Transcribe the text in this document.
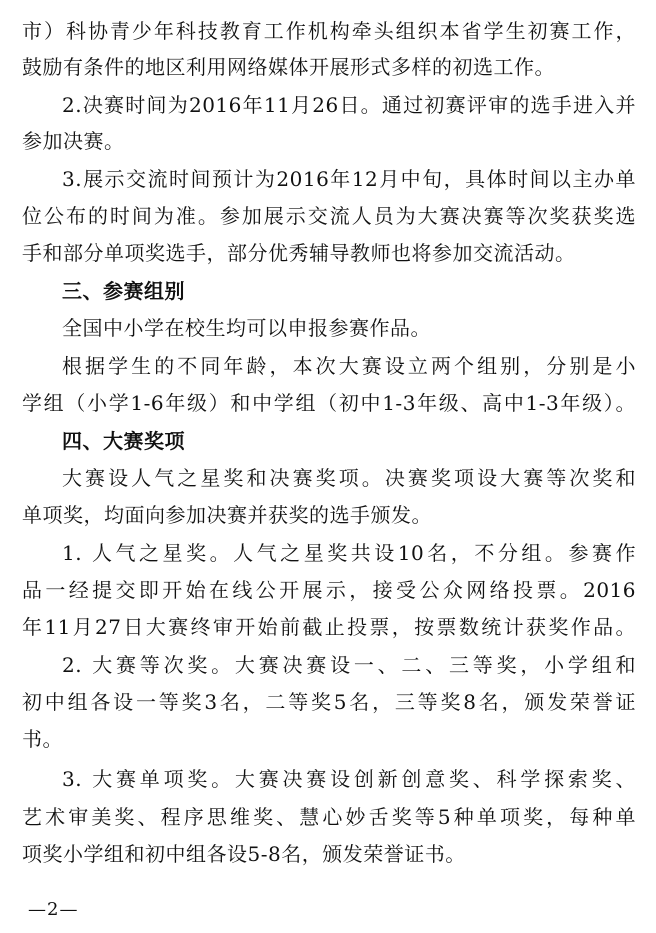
市）科协青少年科技教育工作机构牵头组织本省学生初赛工作，
鼓励有条件的地区利用网络媒体开展形式多样的初选工作。
2.决赛时间为2016年11月26日。通过初赛评审的选手进入并
参加决赛。
3.展示交流时间预计为2016年12月中旬，具体时间以主办单
位公布的时间为准。参加展示交流人员为大赛决赛等次奖获奖选
手和部分单项奖选手，部分优秀辅导教师也将参加交流活动。
三、参赛组别
全国中小学在校生均可以申报参赛作品。
根据学生的不同年龄，本次大赛设立两个组别，分别是小
学组（小学1-6年级）和中学组（初中1-3年级、高中1-3年级）。
四、大赛奖项
大赛设人气之星奖和决赛奖项。决赛奖项设大赛等次奖和
单项奖，均面向参加决赛并获奖的选手颁发。
1. 人气之星奖。人气之星奖共设10名，不分组。参赛作
品一经提交即开始在线公开展示，接受公众网络投票。2016
年11月27日大赛终审开始前截止投票，按票数统计获奖作品。
2. 大赛等次奖。大赛决赛设一、二、三等奖，小学组和
初中组各设一等奖3名，二等奖5名，三等奖8名，颁发荣誉证
书。
3. 大赛单项奖。大赛决赛设创新创意奖、科学探索奖、
艺术审美奖、程序思维奖、慧心妙舌奖等5种单项奖，每种单
项奖小学组和初中组各设5-8名，颁发荣誉证书。
—2—
